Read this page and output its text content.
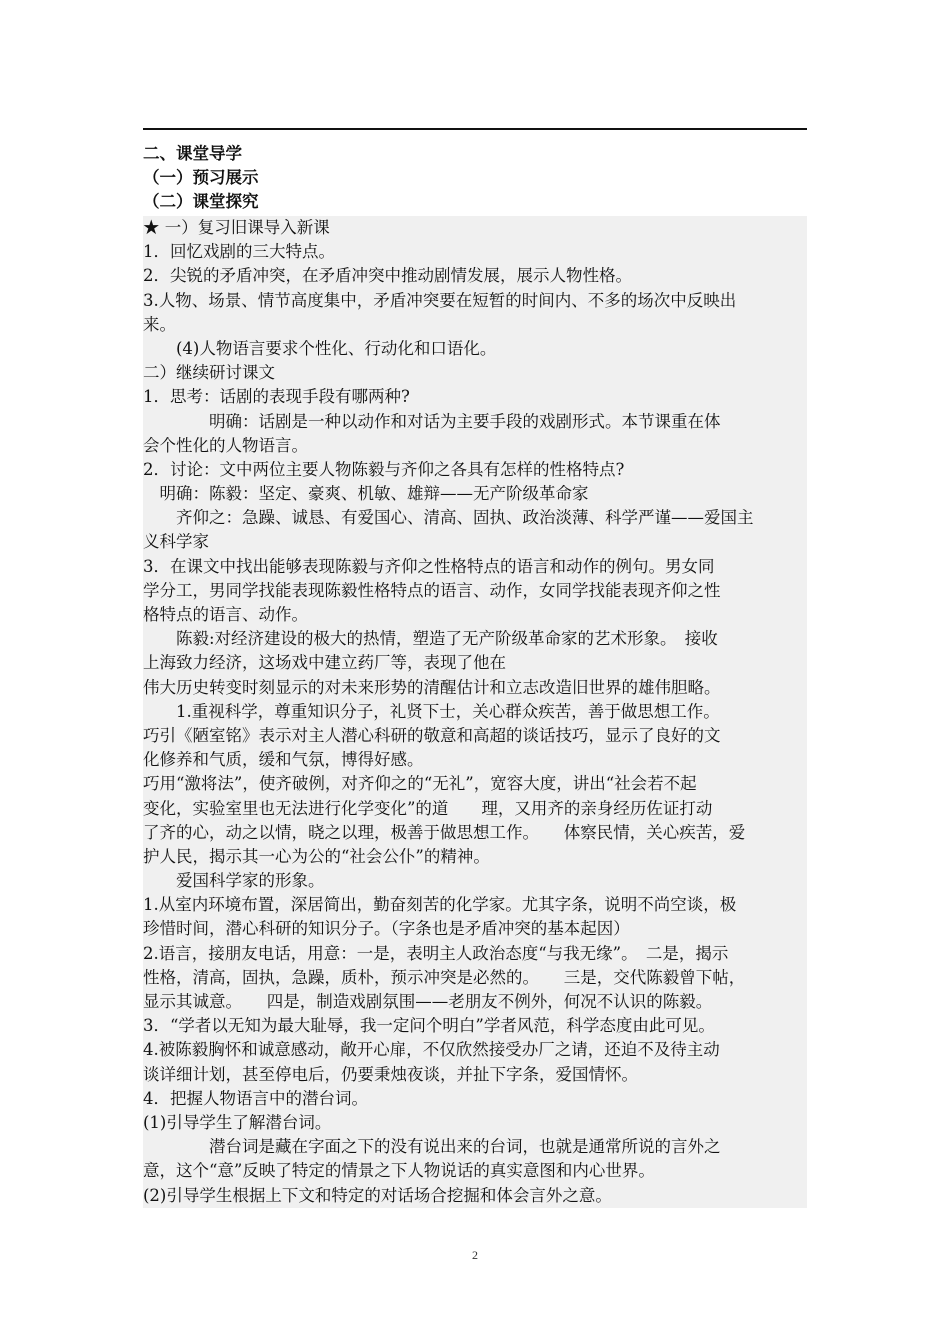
二、课堂导学
（一）预习展示
（二）课堂探究
★ 一）复习旧课导入新课
1．回忆戏剧的三大特点。
2．尖锐的矛盾冲突，在矛盾冲突中推动剧情发展，展示人物性格。
3.人物、场景、情节高度集中，矛盾冲突要在短暂的时间内、不多的场次中反映出
来。
　　(4)人物语言要求个性化、行动化和口语化。
二）继续研讨课文
1．思考：话剧的表现手段有哪两种?
　　　　明确：话剧是一种以动作和对话为主要手段的戏剧形式。本节课重在体
会个性化的人物语言。
2．讨论：文中两位主要人物陈毅与齐仰之各具有怎样的性格特点?
　明确：陈毅：坚定、豪爽、机敏、雄辩——无产阶级革命家
　　齐仰之：急躁、诚恳、有爱国心、清高、固执、政治淡薄、科学严谨——爱国主
义科学家
3．在课文中找出能够表现陈毅与齐仰之性格特点的语言和动作的例句。男女同
学分工，男同学找能表现陈毅性格特点的语言、动作，女同学找能表现齐仰之性
格特点的语言、动作。
　　陈毅:对经济建设的极大的热情，塑造了无产阶级革命家的艺术形象。　接收
上海致力经济，这场戏中建立药厂等，表现了他在
伟大历史转变时刻显示的对未来形势的清醒估计和立志改造旧世界的雄伟胆略。
　　1.重视科学，尊重知识分子，礼贤下士，关心群众疾苦，善于做思想工作。
巧引《陋室铭》表示对主人潜心科研的敬意和高超的谈话技巧，显示了良好的文
化修养和气质，缓和气氛，博得好感。
巧用“激将法”，使齐破例，对齐仰之的“无礼”，宽容大度，讲出“社会若不起
变化，实验室里也无法进行化学变化”的道　　理，又用齐的亲身经历佐证打动
了齐的心，动之以情，晓之以理，极善于做思想工作。　　体察民情，关心疾苦，爱
护人民，揭示其一心为公的“社会公仆”的精神。
　　爱国科学家的形象。
1.从室内环境布置，深居简出，勤奋刻苦的化学家。尤其字条，说明不尚空谈，极
珍惜时间，潜心科研的知识分子。（字条也是矛盾冲突的基本起因）
2.语言，接朋友电话，用意：一是，表明主人政治态度“与我无缘”。　二是，揭示
性格，清高，固执，急躁，质朴，预示冲突是必然的。　　三是，交代陈毅曾下帖，
显示其诚意。　　四是，制造戏剧氛围——老朋友不例外，何况不认识的陈毅。
3．“学者以无知为最大耻辱，我一定问个明白”学者风范，科学态度由此可见。
4.被陈毅胸怀和诚意感动，敞开心扉，不仅欣然接受办厂之请，还迫不及待主动
谈详细计划，甚至停电后，仍要秉烛夜谈，并扯下字条，爱国情怀。
4．把握人物语言中的潜台词。
(1)引导学生了解潜台词。
　　　　潜台词是藏在字面之下的没有说出来的台词，也就是通常所说的言外之
意，这个“意”反映了特定的情景之下人物说话的真实意图和内心世界。
(2)引导学生根据上下文和特定的对话场合挖掘和体会言外之意。
2
